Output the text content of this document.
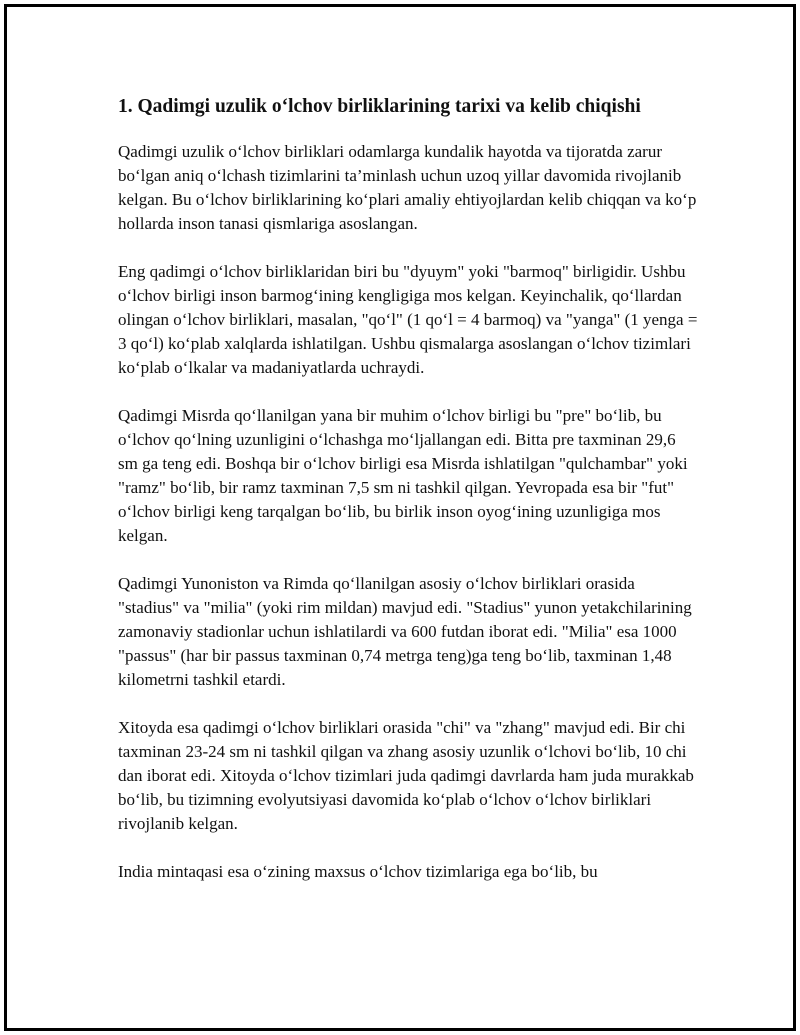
1. Qadimgi uzulik o‘lchov birliklarining tarixi va kelib chiqishi

Qadimgi uzulik o‘lchov birliklari odamlarga kundalik hayotda va tijoratda zarur bo‘lgan aniq o‘lchash tizimlarini ta’minlash uchun uzoq yillar davomida rivojlanib kelgan. Bu o‘lchov birliklarining ko‘plari amaliy ehtiyojlardan kelib chiqqan va ko‘p hollarda inson tanasi qismlariga asoslangan.

Eng qadimgi o‘lchov birliklaridan biri bu "dyuym" yoki "barmoq" birligidir. Ushbu o‘lchov birligi inson barmog‘ining kengligiga mos kelgan. Keyinchalik, qo‘llardan olingan o‘lchov birliklari, masalan, "qo‘l" (1 qo‘l = 4 barmoq) va "yanga" (1 yenga = 3 qo‘l) ko‘plab xalqlarda ishlatilgan. Ushbu qismalarga asoslangan o‘lchov tizimlari ko‘plab o‘lkalar va madaniyatlarda uchraydi.

Qadimgi Misrda qo‘llanilgan yana bir muhim o‘lchov birligi bu "pre" bo‘lib, bu o‘lchov qo‘lning uzunligini o‘lchashga mo‘ljallangan edi. Bitta pre taxminan 29,6 sm ga teng edi. Boshqa bir o‘lchov birligi esa Misrda ishlatilgan "qulchambar" yoki "ramz" bo‘lib, bir ramz taxminan 7,5 sm ni tashkil qilgan. Yevropada esa bir "fut" o‘lchov birligi keng tarqalgan bo‘lib, bu birlik inson oyog‘ining uzunligiga mos kelgan.

Qadimgi Yunoniston va Rimda qo‘llanilgan asosiy o‘lchov birliklari orasida "stadius" va "milia" (yoki rim mildan) mavjud edi. "Stadius" yunon yetakchilarining zamonaviy stadionlar uchun ishlatilardi va 600 futdan iborat edi. "Milia" esa 1000 "passus" (har bir passus taxminan 0,74 metrga teng)ga teng bo‘lib, taxminan 1,48 kilometrni tashkil etardi.

Xitoyda esa qadimgi o‘lchov birliklari orasida "chi" va "zhang" mavjud edi. Bir chi taxminan 23-24 sm ni tashkil qilgan va zhang asosiy uzunlik o‘lchovi bo‘lib, 10 chi dan iborat edi. Xitoyda o‘lchov tizimlari juda qadimgi davrlarda ham juda murakkab bo‘lib, bu tizimning evolyutsiyasi davomida ko‘plab o‘lchov o‘lchov birliklari rivojlanib kelgan.

India mintaqasi esa o‘zining maxsus o‘lchov tizimlariga ega bo‘lib, bu
